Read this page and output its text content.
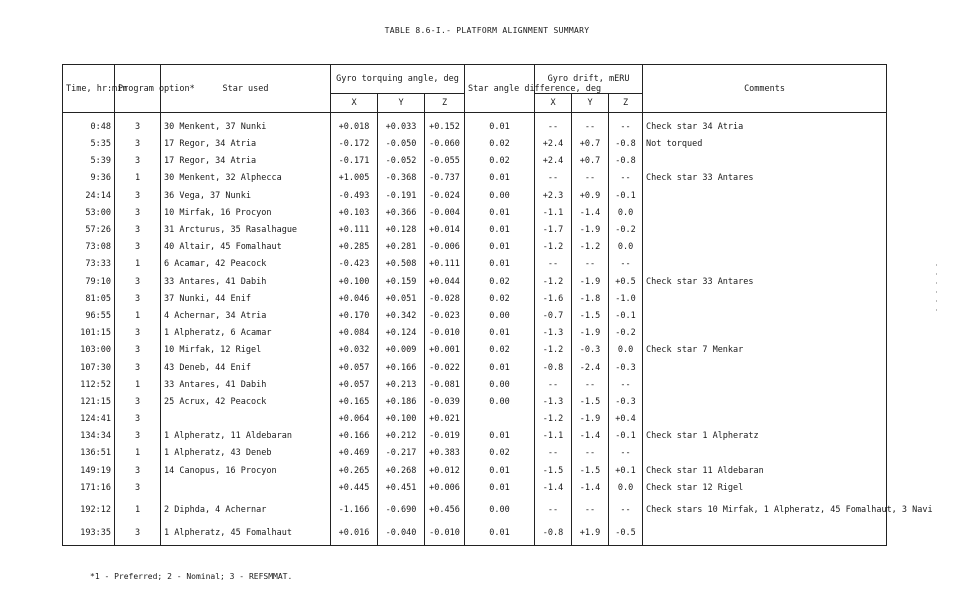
TABLE 8.6-I.- PLATFORM ALIGNMENT SUMMARY
Time, hr:min	Program option*	Star used	Gyro torquing angle, deg			Star angle difference, deg	Gyro drift, mERU			Comments
			X	Y	Z		X	Y	Z	
0:48	3	30 Menkent, 37 Nunki	+0.018	+0.033	+0.152	0.01	--	--	--	Check star 34 Atria
5:35	3	17 Regor, 34 Atria	-0.172	-0.050	-0.060	0.02	+2.4	+0.7	-0.8	Not torqued
5:39	3	17 Regor, 34 Atria	-0.171	-0.052	-0.055	0.02	+2.4	+0.7	-0.8	
9:36	1	30 Menkent, 32 Alphecca	+1.005	-0.368	-0.737	0.01	--	--	--	Check star 33 Antares
24:14	3	36 Vega, 37 Nunki	-0.493	-0.191	-0.024	0.00	+2.3	+0.9	-0.1	
53:00	3	10 Mirfak, 16 Procyon	+0.103	+0.366	-0.004	0.01	-1.1	-1.4	0.0	
57:26	3	31 Arcturus, 35 Rasalhague	+0.111	+0.128	+0.014	0.01	-1.7	-1.9	-0.2	
73:08	3	40 Altair, 45 Fomalhaut	+0.285	+0.281	-0.006	0.01	-1.2	-1.2	0.0	
73:33	1	6 Acamar, 42 Peacock	-0.423	+0.508	+0.111	0.01	--	--	--	
79:10	3	33 Antares, 41 Dabih	+0.100	+0.159	+0.044	0.02	-1.2	-1.9	+0.5	Check star 33 Antares
81:05	3	37 Nunki, 44 Enif	+0.046	+0.051	-0.028	0.02	-1.6	-1.8	-1.0	
96:55	1	4 Achernar, 34 Atria	+0.170	+0.342	-0.023	0.00	-0.7	-1.5	-0.1	
101:15	3	1 Alpheratz, 6 Acamar	+0.084	+0.124	-0.010	0.01	-1.3	-1.9	-0.2	
103:00	3	10 Mirfak, 12 Rigel	+0.032	+0.009	+0.001	0.02	-1.2	-0.3	0.0	Check star 7 Menkar
107:30	3	43 Deneb, 44 Enif	+0.057	+0.166	-0.022	0.01	-0.8	-2.4	-0.3	
112:52	1	33 Antares, 41 Dabih	+0.057	+0.213	-0.081	0.00	--	--	--	
121:15	3	25 Acrux, 42 Peacock	+0.165	+0.186	-0.039	0.00	-1.3	-1.5	-0.3	
124:41	3		+0.064	+0.100	+0.021		-1.2	-1.9	+0.4	
134:34	3	1 Alpheratz, 11 Aldebaran	+0.166	+0.212	-0.019	0.01	-1.1	-1.4	-0.1	Check star 1 Alpheratz
136:51	1	1 Alpheratz, 43 Deneb	+0.469	-0.217	+0.383	0.02	--	--	--	
149:19	3	14 Canopus, 16 Procyon	+0.265	+0.268	+0.012	0.01	-1.5	-1.5	+0.1	Check star 11 Aldebaran
171:16	3		+0.445	+0.451	+0.006	0.01	-1.4	-1.4	0.0	Check star 12 Rigel
192:12	1	2 Diphda, 4 Achernar	-1.166	-0.690	+0.456	0.00	--	--	--	Check stars 10 Mirfak, 1 Alpheratz, 45 Fomalhaut, 3 Navi
193:35	3	1 Alpheratz, 45 Fomalhaut	+0.016	-0.040	-0.010	0.01	-0.8	+1.9	-0.5	
*1 - Preferred; 2 - Nominal; 3 - REFSMMAT.
